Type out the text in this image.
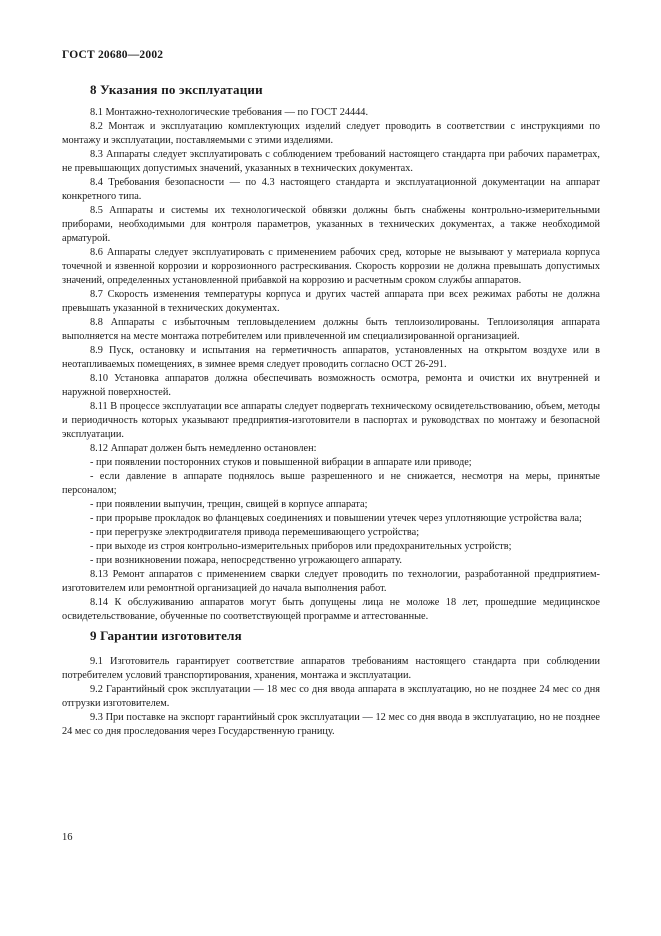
ГОСТ 20680—2002
8 Указания по эксплуатации

8.1 Монтажно-технологические требования — по ГОСТ 24444.

8.2 Монтаж и эксплуатацию комплектующих изделий следует проводить в соответствии с инструкциями по монтажу и эксплуатации, поставляемыми с этими изделиями.

8.3 Аппараты следует эксплуатировать с соблюдением требований настоящего стандарта при рабочих параметрах, не превышающих допустимых значений, указанных в технических документах.

8.4 Требования безопасности — по 4.3 настоящего стандарта и эксплуатационной документации на аппарат конкретного типа.

8.5 Аппараты и системы их технологической обвязки должны быть снабжены контрольно-измерительными приборами, необходимыми для контроля параметров, указанных в технических документах, а также необходимой арматурой.

8.6 Аппараты следует эксплуатировать с применением рабочих сред, которые не вызывают у материала корпуса точечной и язвенной коррозии и коррозионного растрескивания. Скорость коррозии не должна превышать допустимых значений, определенных установленной прибавкой на коррозию и расчетным сроком службы аппаратов.

8.7 Скорость изменения температуры корпуса и других частей аппарата при всех режимах работы не должна превышать указанной в технических документах.

8.8 Аппараты с избыточным тепловыделением должны быть теплоизолированы. Теплоизоляция аппарата выполняется на месте монтажа потребителем или привлеченной им специализированной организацией.

8.9 Пуск, остановку и испытания на герметичность аппаратов, установленных на открытом воздухе или в неотапливаемых помещениях, в зимнее время следует проводить согласно ОСТ 26-291.

8.10 Установка аппаратов должна обеспечивать возможность осмотра, ремонта и очистки их внутренней и наружной поверхностей.

8.11 В процессе эксплуатации все аппараты следует подвергать техническому освидетельствованию, объем, методы и периодичность которых указывают предприятия-изготовители в паспортах и руководствах по монтажу и безопасной эксплуатации.

8.12 Аппарат должен быть немедленно остановлен:

- при появлении посторонних стуков и повышенной вибрации в аппарате или приводе;

- если давление в аппарате поднялось выше разрешенного и не снижается, несмотря на меры, принятые персоналом;

- при появлении выпучин, трещин, свищей в корпусе аппарата;

- при прорыве прокладок во фланцевых соединениях и повышении утечек через уплотняющие устройства вала;

- при перегрузке электродвигателя привода перемешивающего устройства;

- при выходе из строя контрольно-измерительных приборов или предохранительных устройств;

- при возникновении пожара, непосредственно угрожающего аппарату.

8.13 Ремонт аппаратов с применением сварки следует проводить по технологии, разработанной предприятием-изготовителем или ремонтной организацией до начала выполнения работ.

8.14 К обслуживанию аппаратов могут быть допущены лица не моложе 18 лет, прошедшие медицинское освидетельствование, обученные по соответствующей программе и аттестованные.

9 Гарантии изготовителя

9.1 Изготовитель гарантирует соответствие аппаратов требованиям настоящего стандарта при соблюдении потребителем условий транспортирования, хранения, монтажа и эксплуатации.

9.2 Гарантийный срок эксплуатации — 18 мес со дня ввода аппарата в эксплуатацию, но не позднее 24 мес со дня отгрузки изготовителем.

9.3 При поставке на экспорт гарантийный срок эксплуатации — 12 мес со дня ввода в эксплуатацию, но не позднее 24 мес со дня проследования через Государственную границу.

16
